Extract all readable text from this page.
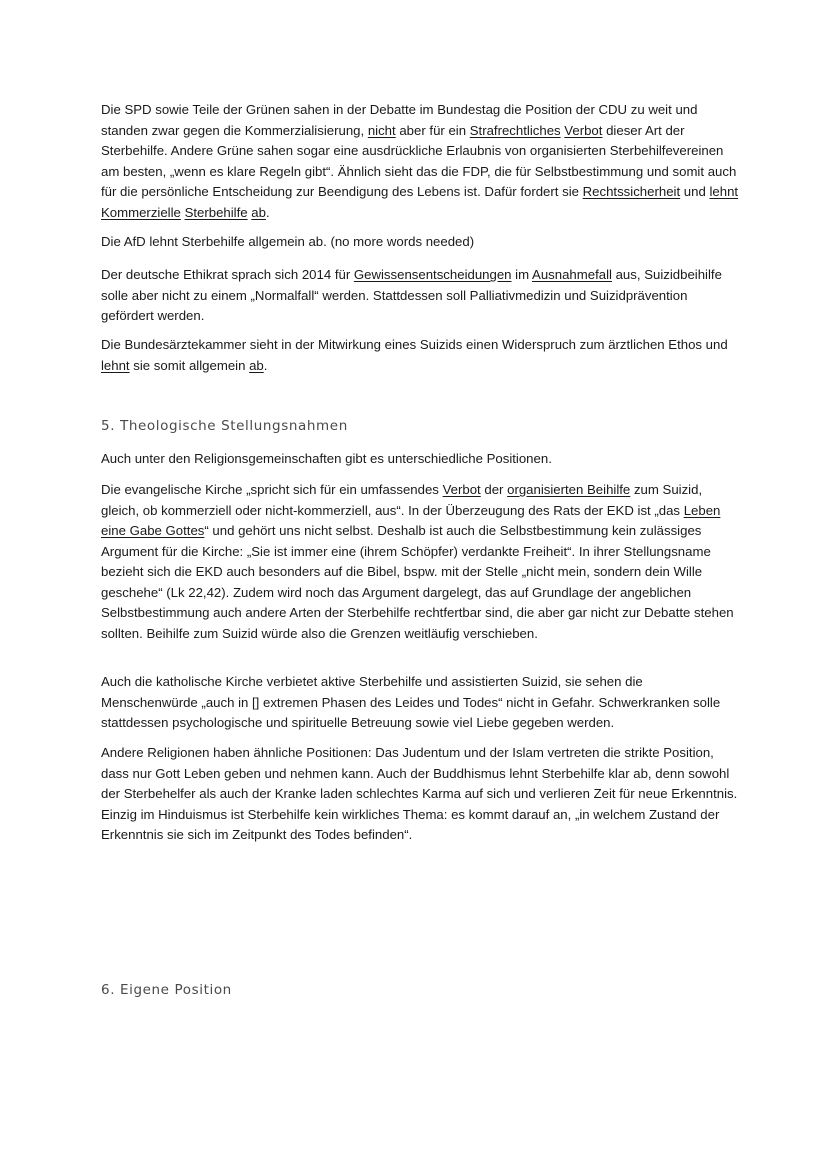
Die SPD sowie Teile der Grünen sahen in der Debatte im Bundestag die Position der CDU zu weit und standen zwar gegen die Kommerzialisierung, nicht aber für ein Strafrechtliches Verbot dieser Art der Sterbehilfe. Andere Grüne sahen sogar eine ausdrückliche Erlaubnis von organisierten Sterbehilfevereinen am besten, „wenn es klare Regeln gibt“. Ähnlich sieht das die FDP, die für Selbstbestimmung und somit auch für die persönliche Entscheidung zur Beendigung des Lebens ist. Dafür fordert sie Rechtssicherheit und lehnt Kommerzielle Sterbehilfe ab.

Die AfD lehnt Sterbehilfe allgemein ab. (no more words needed)

Der deutsche Ethikrat sprach sich 2014 für Gewissensentscheidungen im Ausnahmefall aus, Suizidbeihilfe solle aber nicht zu einem „Normalfall“ werden. Stattdessen soll Palliativmedizin und Suizidprävention gefördert werden.

Die Bundesärztekammer sieht in der Mitwirkung eines Suizids einen Widerspruch zum ärztlichen Ethos und lehnt sie somit allgemein ab.

5. Theologische Stellungsnahmen

Auch unter den Religionsgemeinschaften gibt es unterschiedliche Positionen.

Die evangelische Kirche „spricht sich für ein umfassendes Verbot der organisierten Beihilfe zum Suizid, gleich, ob kommerziell oder nicht-kommerziell, aus“. In der Überzeugung des Rats der EKD ist „das Leben eine Gabe Gottes“ und gehört uns nicht selbst. Deshalb ist auch die Selbstbestimmung kein zulässiges Argument für die Kirche: „Sie ist immer eine (ihrem Schöpfer) verdankte Freiheit“. In ihrer Stellungsname bezieht sich die EKD auch besonders auf die Bibel, bspw. mit der Stelle „nicht mein, sondern dein Wille geschehe“ (Lk 22,42). Zudem wird noch das Argument dargelegt, das auf Grundlage der angeblichen Selbstbestimmung auch andere Arten der Sterbehilfe rechtfertbar sind, die aber gar nicht zur Debatte stehen sollten. Beihilfe zum Suizid würde also die Grenzen weitläufig verschieben.

Auch die katholische Kirche verbietet aktive Sterbehilfe und assistierten Suizid, sie sehen die Menschenwürde „auch in [] extremen Phasen des Leides und Todes“ nicht in Gefahr. Schwerkranken solle stattdessen psychologische und spirituelle Betreuung sowie viel Liebe gegeben werden.

Andere Religionen haben ähnliche Positionen: Das Judentum und der Islam vertreten die strikte Position, dass nur Gott Leben geben und nehmen kann. Auch der Buddhismus lehnt Sterbehilfe klar ab, denn sowohl der Sterbehelfer als auch der Kranke laden schlechtes Karma auf sich und verlieren Zeit für neue Erkenntnis. Einzig im Hinduismus ist Sterbehilfe kein wirkliches Thema: es kommt darauf an, „in welchem Zustand der Erkenntnis sie sich im Zeitpunkt des Todes befinden“.

6. Eigene Position
